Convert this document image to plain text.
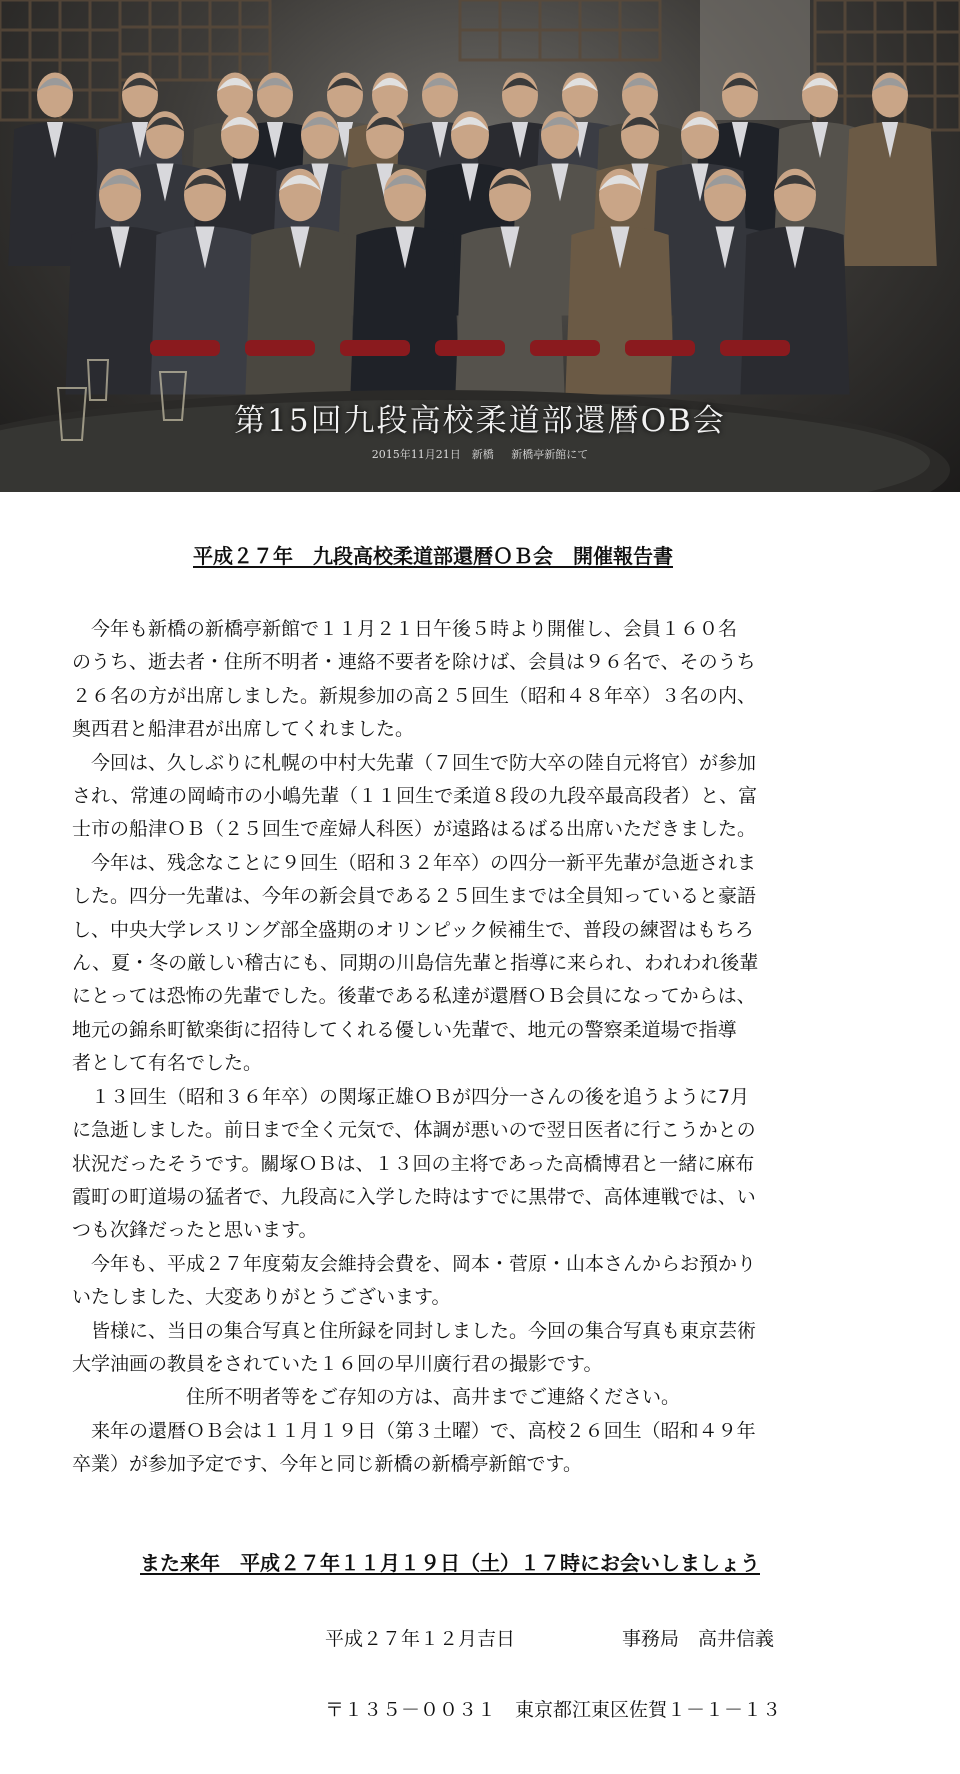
第15回九段高校柔道部還暦OB会
2015年11月21日　新橋 新橋亭新館にて
平成２７年　九段高校柔道部還暦ＯＢ会　開催報告書

　今年も新橋の新橋亭新館で１１月２１日午後５時より開催し、会員１６０名

のうち、逝去者・住所不明者・連絡不要者を除けば、会員は９６名で、そのうち

２６名の方が出席しました。新規参加の高２５回生（昭和４８年卒）３名の内、

奥西君と船津君が出席してくれました。

　今回は、久しぶりに札幌の中村大先輩（７回生で防大卒の陸自元将官）が参加

され、常連の岡崎市の小嶋先輩（１１回生で柔道８段の九段卒最高段者）と、富

士市の船津ＯＢ（２５回生で産婦人科医）が遠路はるばる出席いただきました。

　今年は、残念なことに９回生（昭和３２年卒）の四分一新平先輩が急逝されま

した。四分一先輩は、今年の新会員である２５回生までは全員知っていると豪語

し、中央大学レスリング部全盛期のオリンピック候補生で、普段の練習はもちろ

ん、夏・冬の厳しい稽古にも、同期の川島信先輩と指導に来られ、われわれ後輩

にとっては恐怖の先輩でした。後輩である私達が還暦ＯＢ会員になってからは、

地元の錦糸町歓楽街に招待してくれる優しい先輩で、地元の警察柔道場で指導

者として有名でした。

　１３回生（昭和３６年卒）の関塚正雄ＯＢが四分一さんの後を追うように7月

に急逝しました。前日まで全く元気で、体調が悪いので翌日医者に行こうかとの

状況だったそうです。關塚ＯＢは、１３回の主将であった高橋博君と一緒に麻布

霞町の町道場の猛者で、九段高に入学した時はすでに黒帯で、高体連戦では、い

つも次鋒だったと思います。

　今年も、平成２７年度菊友会維持会費を、岡本・菅原・山本さんからお預かり

いたしました、大変ありがとうございます。

　皆様に、当日の集合写真と住所録を同封しました。今回の集合写真も東京芸術

大学油画の教員をされていた１６回の早川廣行君の撮影です。

　　　　　　住所不明者等をご存知の方は、高井までご連絡ください。

　来年の還暦ＯＢ会は１１月１９日（第３土曜）で、高校２６回生（昭和４９年

卒業）が参加予定です、今年と同じ新橋の新橋亭新館です。

また来年　平成２７年１１月１９日（土）１７時にお会いしましょう
平成２７年１２月吉日	事務局　高井信義
〒１３５－００３１　東京都江東区佐賀１－１－１３
